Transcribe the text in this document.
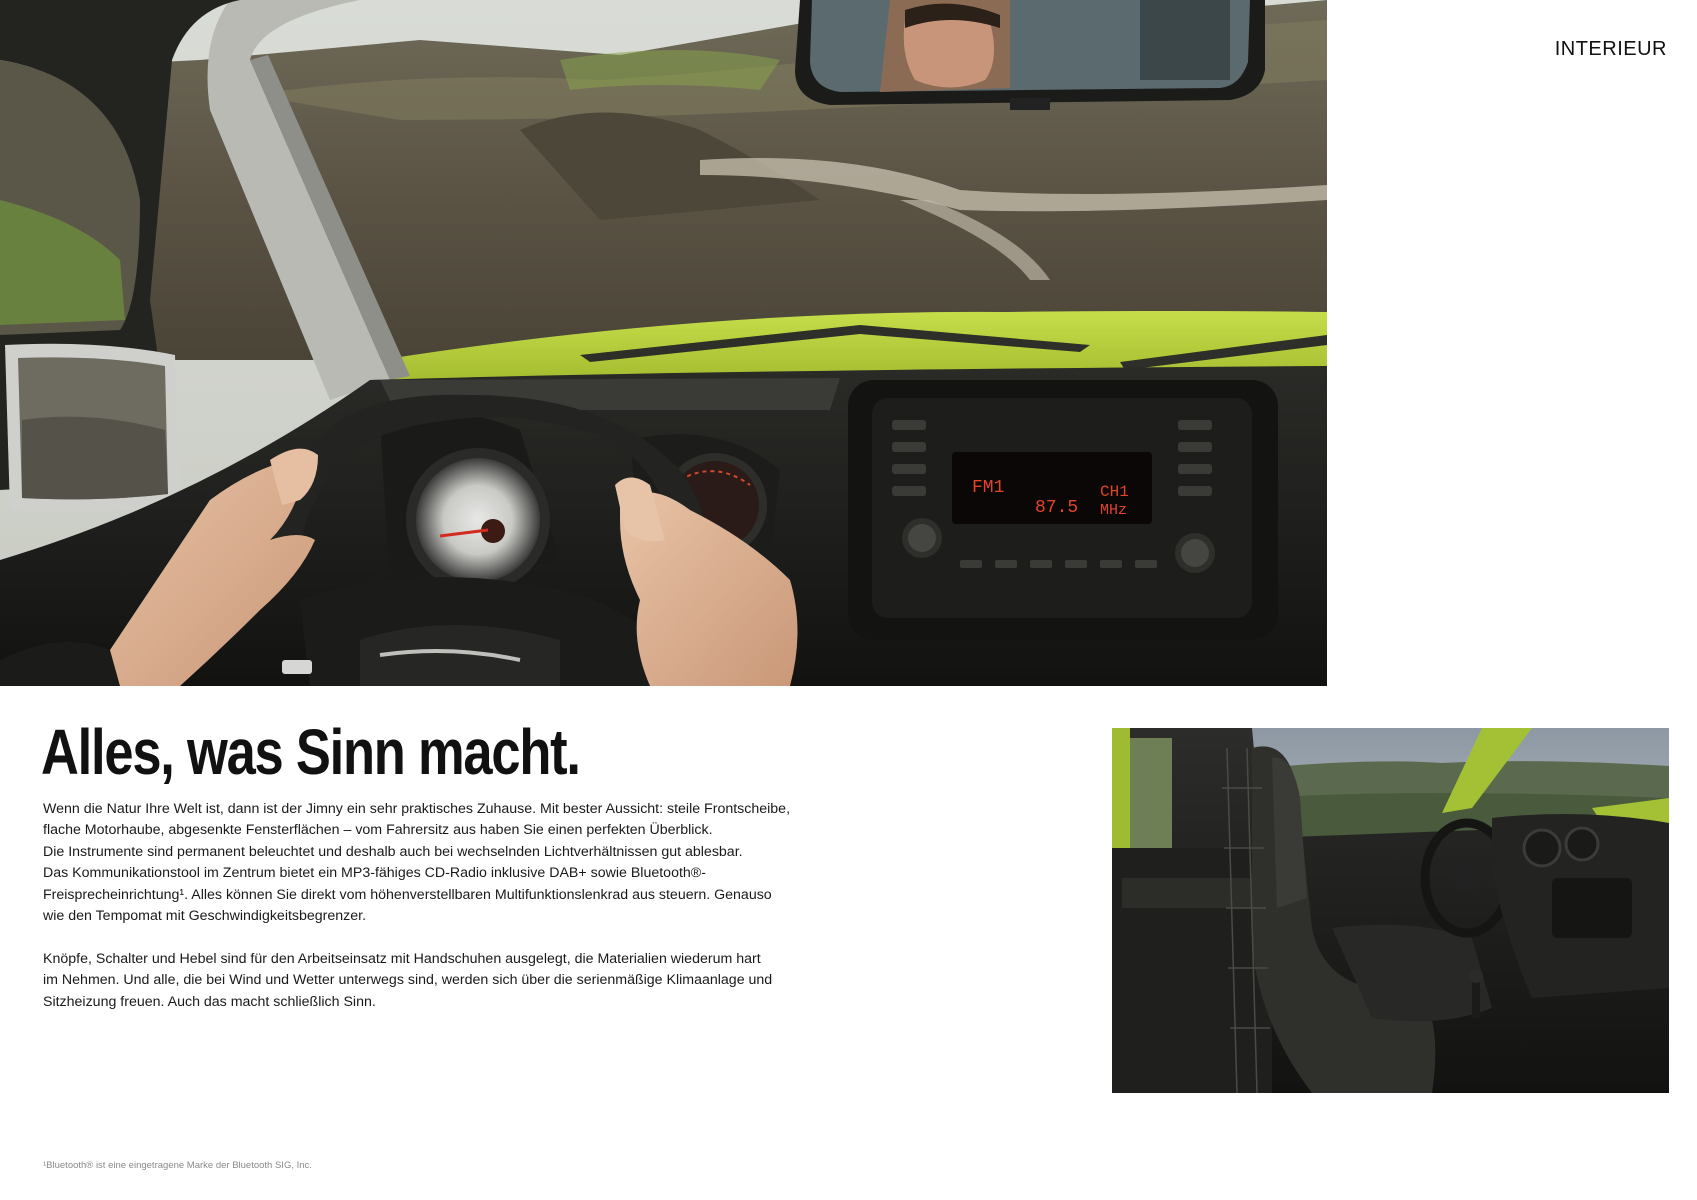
INTERIEUR
FM1
87.5
CH1
MHz
Alles, was Sinn macht.

Wenn die Natur Ihre Welt ist, dann ist der Jimny ein sehr praktisches Zuhause. Mit bester Aussicht: steile Frontscheibe,
flache Motorhaube, abgesenkte Fensterflächen – vom Fahrersitz aus haben Sie einen perfekten Überblick.
Die Instrumente sind permanent beleuchtet und deshalb auch bei wechselnden Lichtverhältnissen gut ablesbar.
Das Kommunikationstool im Zentrum bietet ein MP3-fähiges CD-Radio inklusive DAB+ sowie Bluetooth®-
Freisprecheinrichtung¹. Alles können Sie direkt vom höhenverstellbaren Multifunktionslenkrad aus steuern. Genauso
wie den Tempomat mit Geschwindigkeitsbegrenzer.

Knöpfe, Schalter und Hebel sind für den Arbeitseinsatz mit Handschuhen ausgelegt, die Materialien wiederum hart
im Nehmen. Und alle, die bei Wind und Wetter unterwegs sind, werden sich über die serienmäßige Klimaanlage und
Sitzheizung freuen. Auch das macht schließlich Sinn.

¹Bluetooth® ist eine eingetragene Marke der Bluetooth SIG, Inc.
